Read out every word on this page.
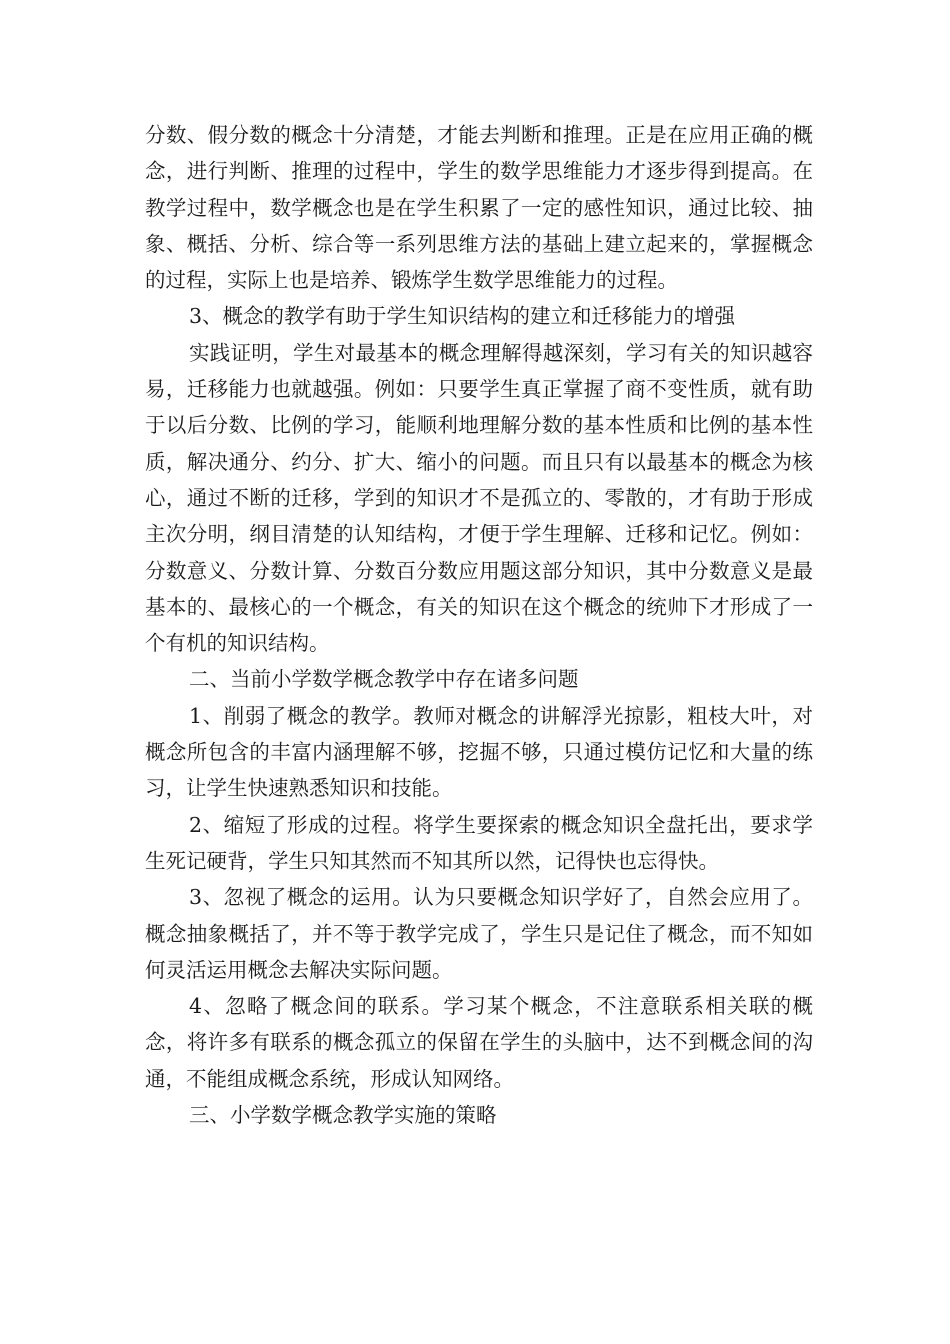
分数、假分数的概念十分清楚，才能去判断和推理。正是在应用正确的概念，进行判断、推理的过程中，学生的数学思维能力才逐步得到提高。在教学过程中，数学概念也是在学生积累了一定的感性知识，通过比较、抽象、概括、分析、综合等一系列思维方法的基础上建立起来的，掌握概念的过程，实际上也是培养、锻炼学生数学思维能力的过程。

3、概念的教学有助于学生知识结构的建立和迁移能力的增强

实践证明，学生对最基本的概念理解得越深刻，学习有关的知识越容易，迁移能力也就越强。例如：只要学生真正掌握了商不变性质，就有助于以后分数、比例的学习，能顺利地理解分数的基本性质和比例的基本性质，解决通分、约分、扩大、缩小的问题。而且只有以最基本的概念为核心，通过不断的迁移，学到的知识才不是孤立的、零散的，才有助于形成主次分明，纲目清楚的认知结构，才便于学生理解、迁移和记忆。例如：分数意义、分数计算、分数百分数应用题这部分知识，其中分数意义是最基本的、最核心的一个概念，有关的知识在这个概念的统帅下才形成了一个有机的知识结构。

二、当前小学数学概念教学中存在诸多问题

1、削弱了概念的教学。教师对概念的讲解浮光掠影，粗枝大叶，对概念所包含的丰富内涵理解不够，挖掘不够，只通过模仿记忆和大量的练习，让学生快速熟悉知识和技能。

2、缩短了形成的过程。将学生要探索的概念知识全盘托出，要求学生死记硬背，学生只知其然而不知其所以然，记得快也忘得快。

3、忽视了概念的运用。认为只要概念知识学好了，自然会应用了。概念抽象概括了，并不等于教学完成了，学生只是记住了概念，而不知如何灵活运用概念去解决实际问题。

4、忽略了概念间的联系。学习某个概念，不注意联系相关联的概念，将许多有联系的概念孤立的保留在学生的头脑中，达不到概念间的沟通，不能组成概念系统，形成认知网络。

三、小学数学概念教学实施的策略
